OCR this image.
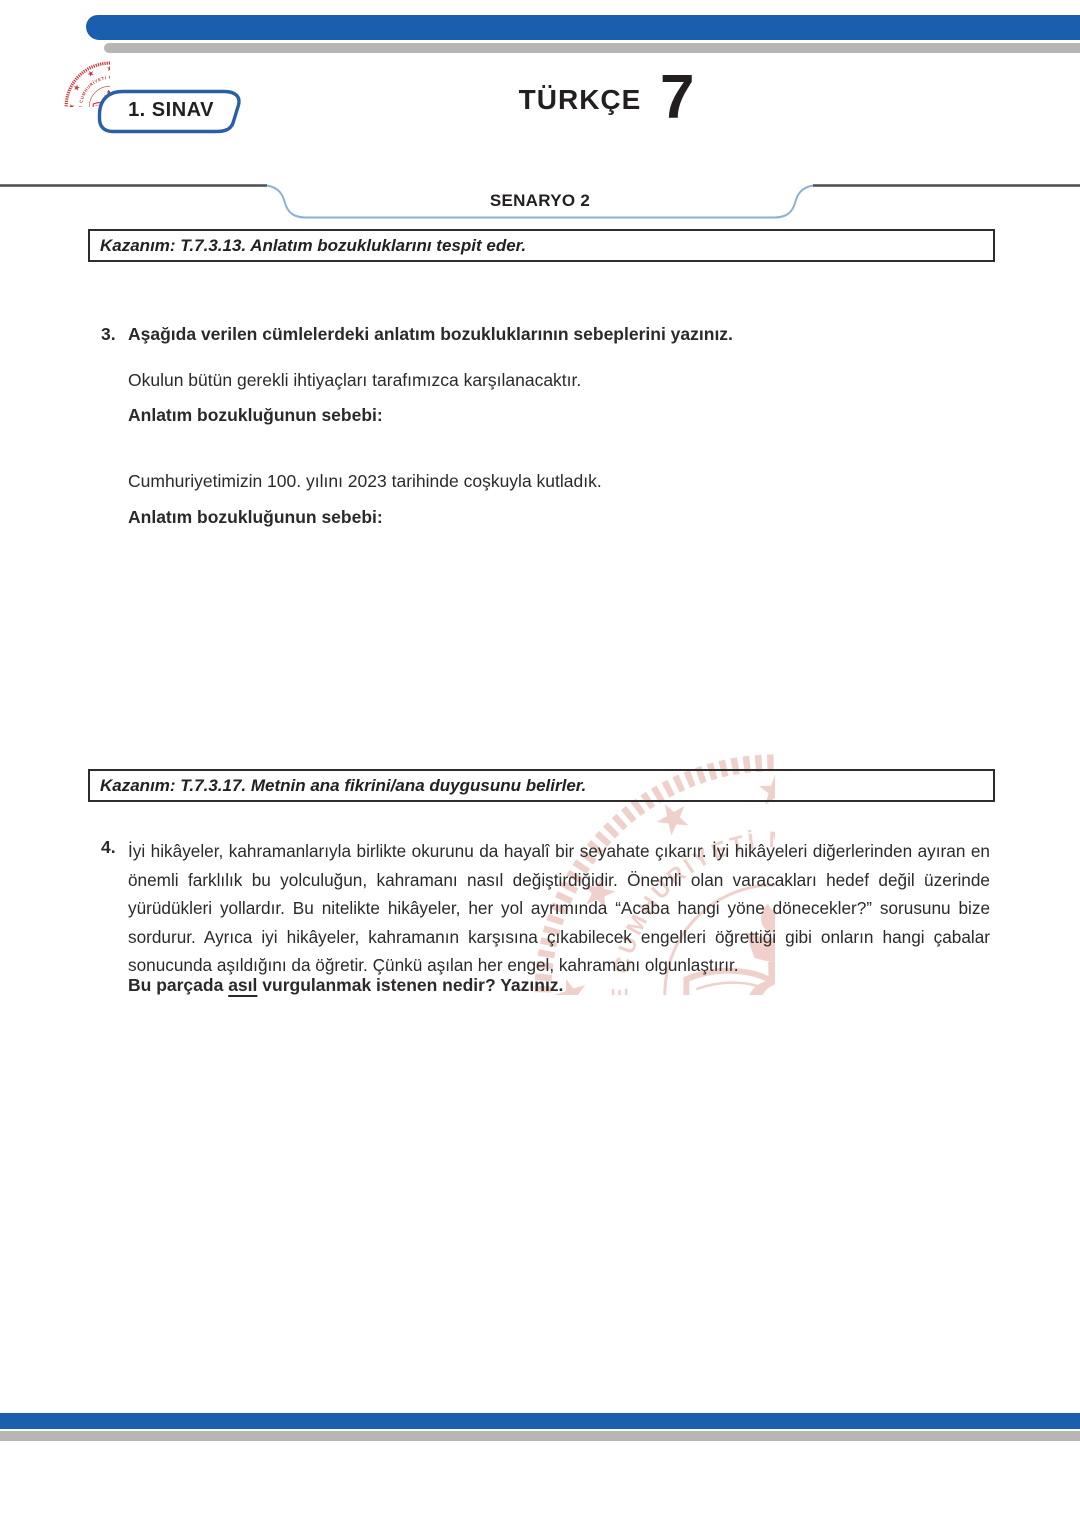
1. SINAV	TÜRKÇE 7
SENARYO 2
Kazanım: T.7.3.13. Anlatım bozukluklarını tespit eder.
3. Aşağıda verilen cümlelerdeki anlatım bozukluklarının sebeplerini yazınız.
Okulun bütün gerekli ihtiyaçları tarafımızca karşılanacaktır.
Anlatım bozukluğunun sebebi:
Cumhuriyetimizin 100. yılını 2023 tarihinde coşkuyla kutladık.
Anlatım bozukluğunun sebebi:
Kazanım: T.7.3.17. Metnin ana fikrini/ana duygusunu belirler.
4. İyi hikâyeler, kahramanlarıyla birlikte okurunu da hayalî bir seyahate çıkarır. İyi hikâyeleri diğerlerinden ayıran en önemli farklılık bu yolculuğun, kahramanı nasıl değiştirdiğidir. Önemli olan varacakları hedef değil üzerinde yürüdükleri yollardır. Bu nitelikte hikâyeler, her yol ayrımında “Acaba hangi yöne dönecekler?” sorusunu bize sordurur. Ayrıca iyi hikâyeler, kahramanın karşısına çıkabilecek engelleri öğrettiği gibi onların hangi çabalar sonucunda aşıldığını da öğretir. Çünkü aşılan her engel, kahramanı olgunlaştırır.
Bu parçada asıl vurgulanmak istenen nedir? Yazınız.
